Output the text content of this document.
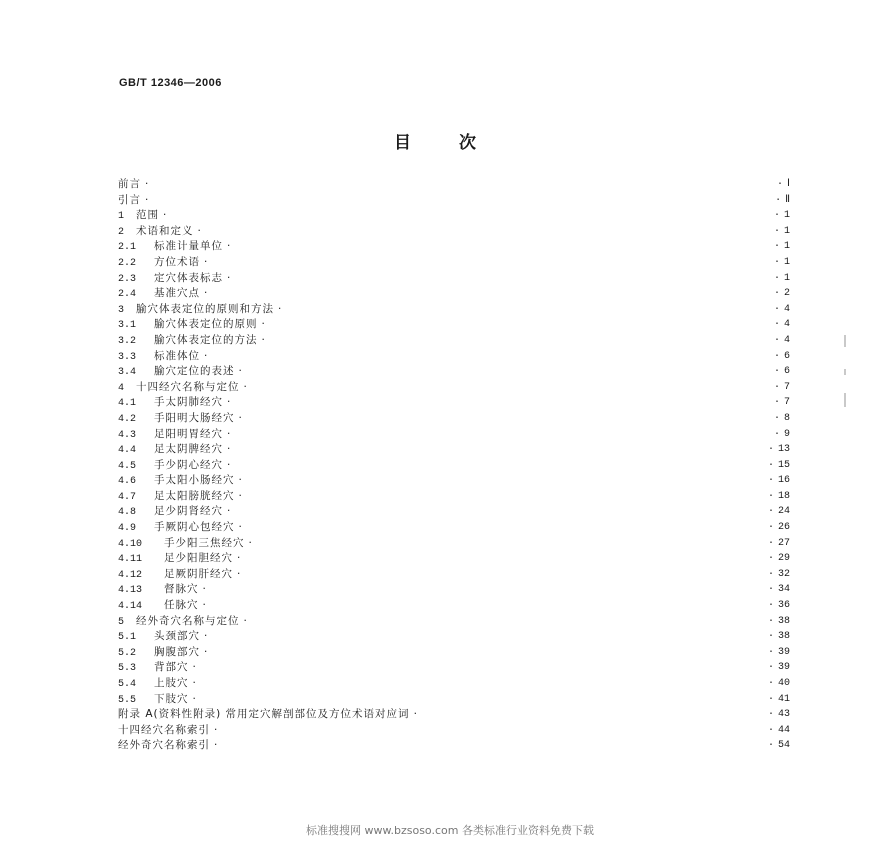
GB/T 12346—2006
目次
前言 ·	· Ⅰ
引言 ·	· Ⅱ
1 范围 ·	· 1
2 术语和定义 ·	· 1
2.1 标准计量单位 ·	· 1
2.2 方位术语 ·	· 1
2.3 定穴体表标志 ·	· 1
2.4 基准穴点 ·	· 2
3 腧穴体表定位的原则和方法 ·	· 4
3.1 腧穴体表定位的原则 ·	· 4
3.2 腧穴体表定位的方法 ·	· 4
3.3 标准体位 ·	· 6
3.4 腧穴定位的表述 ·	· 6
4 十四经穴名称与定位 ·	· 7
4.1 手太阴肺经穴 ·	· 7
4.2 手阳明大肠经穴 ·	· 8
4.3 足阳明胃经穴 ·	· 9
4.4 足太阴脾经穴 ·	· 13
4.5 手少阴心经穴 ·	· 15
4.6 手太阳小肠经穴 ·	· 16
4.7 足太阳膀胱经穴 ·	· 18
4.8 足少阴肾经穴 ·	· 24
4.9 手厥阴心包经穴 ·	· 26
4.10 手少阳三焦经穴 ·	· 27
4.11 足少阳胆经穴 ·	· 29
4.12 足厥阴肝经穴 ·	· 32
4.13 督脉穴 ·	· 34
4.14 任脉穴 ·	· 36
5 经外奇穴名称与定位 ·	· 38
5.1 头颈部穴 ·	· 38
5.2 胸腹部穴 ·	· 39
5.3 背部穴 ·	· 39
5.4 上肢穴 ·	· 40
5.5 下肢穴 ·	· 41
附录 A(资料性附录) 常用定穴解剖部位及方位术语对应词 ·	· 43
十四经穴名称索引 ·	· 44
经外奇穴名称索引 ·	· 54
标准搜搜网 www.bzsoso.com 各类标准行业资料免费下载
